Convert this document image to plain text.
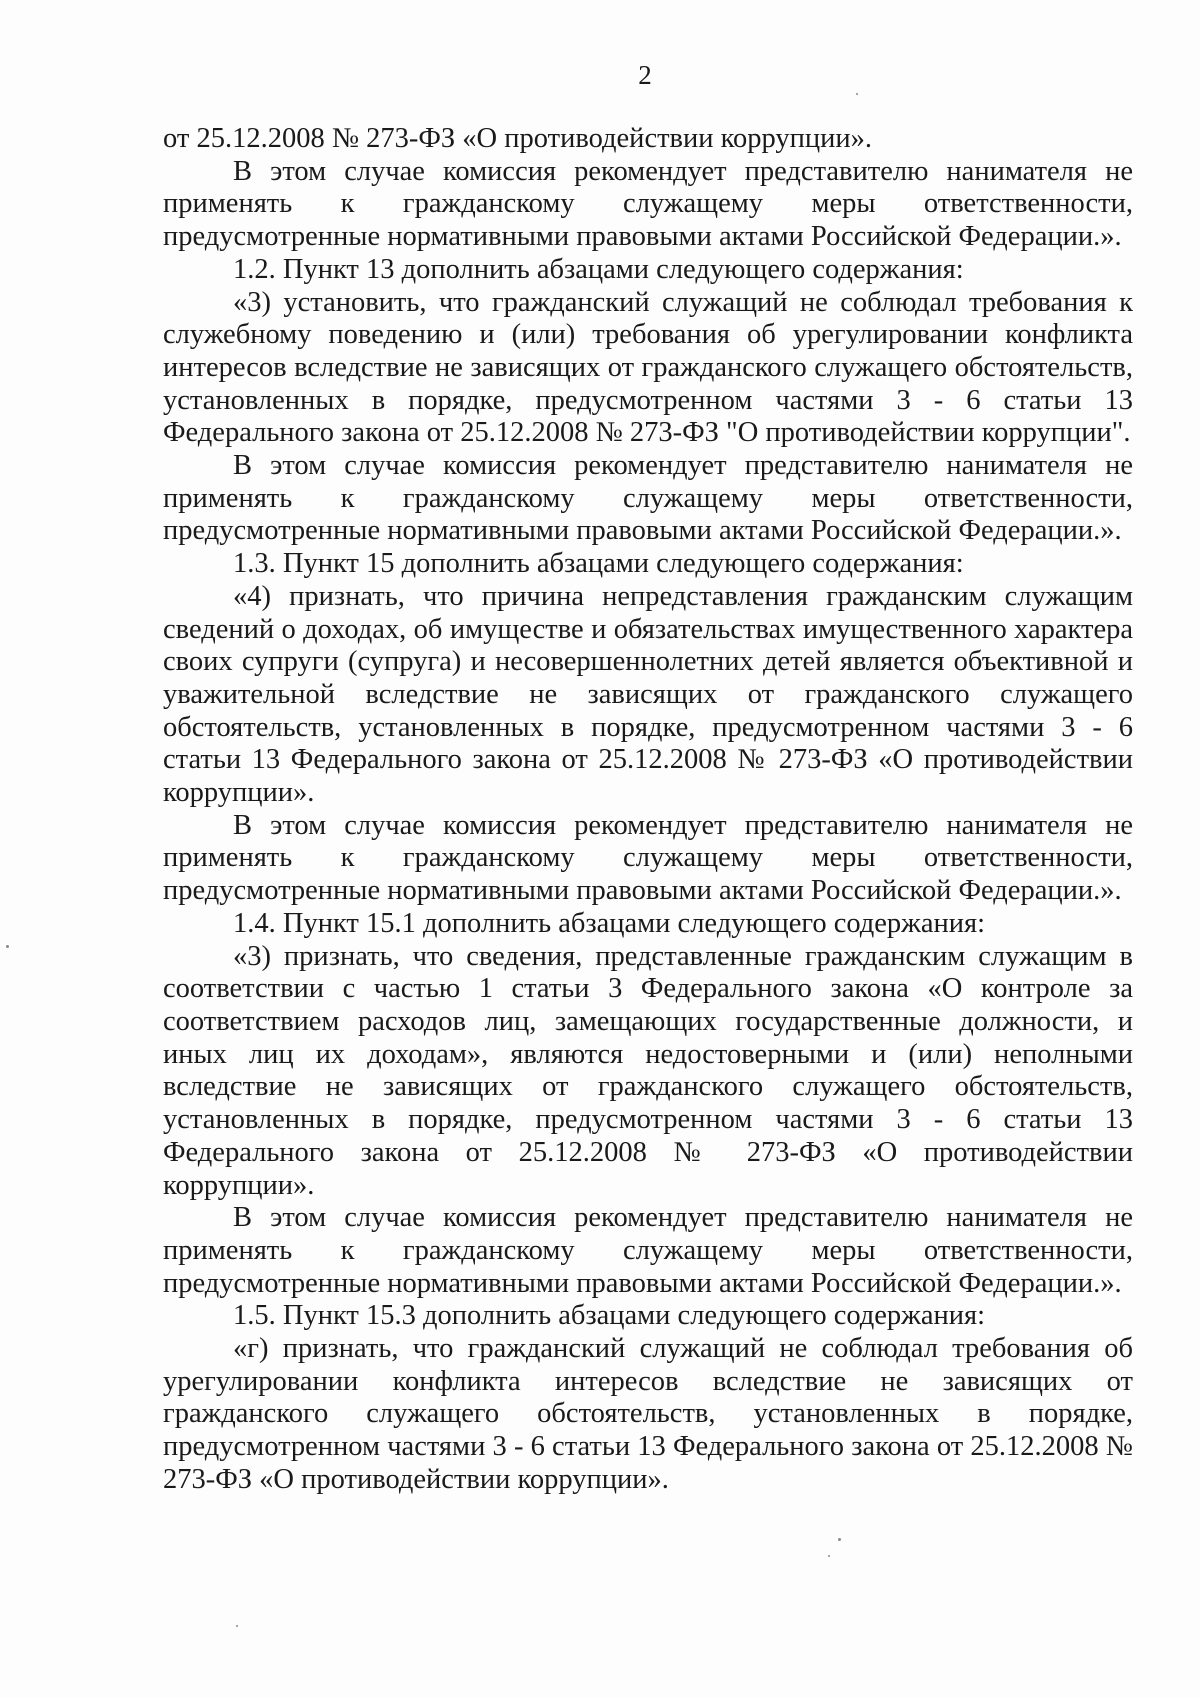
2

от 25.12.2008 № 273-ФЗ «О противодействии коррупции».

В этом случае комиссия рекомендует представителю нанимателя не применять к гражданскому служащему меры ответственности, предусмотренные нормативными правовыми актами Российской Федерации.».

1.2. Пункт 13 дополнить абзацами следующего содержания:

«3) установить, что гражданский служащий не соблюдал требования к служебному поведению и (или) требования об урегулировании конфликта интересов вследствие не зависящих от гражданского служащего обстоятельств, установленных в порядке, предусмотренном частями 3 - 6 статьи 13 Федерального закона от 25.12.2008 № 273-ФЗ "О противодействии коррупции".

В этом случае комиссия рекомендует представителю нанимателя не применять к гражданскому служащему меры ответственности, предусмотренные нормативными правовыми актами Российской Федерации.».

1.3. Пункт 15 дополнить абзацами следующего содержания:

«4) признать, что причина непредставления гражданским служащим сведений о доходах, об имуществе и обязательствах имущественного характера своих супруги (супруга) и несовершеннолетних детей является объективной и уважительной вследствие не зависящих от гражданского служащего обстоятельств, установленных в порядке, предусмотренном частями 3 - 6 статьи 13 Федерального закона от 25.12.2008 № 273-ФЗ «О противодействии коррупции».

В этом случае комиссия рекомендует представителю нанимателя не применять к гражданскому служащему меры ответственности, предусмотренные нормативными правовыми актами Российской Федерации.».

1.4. Пункт 15.1 дополнить абзацами следующего содержания:

«3) признать, что сведения, представленные гражданским служащим в соответствии с частью 1 статьи 3 Федерального закона «О контроле за соответствием расходов лиц, замещающих государственные должности, и иных лиц их доходам», являются недостоверными и (или) неполными вследствие не зависящих от гражданского служащего обстоятельств, установленных в порядке, предусмотренном частями 3 - 6 статьи 13 Федерального закона от 25.12.2008 № 273-ФЗ «О противодействии коррупции».

В этом случае комиссия рекомендует представителю нанимателя не применять к гражданскому служащему меры ответственности, предусмотренные нормативными правовыми актами Российской Федерации.».

1.5. Пункт 15.3 дополнить абзацами следующего содержания:

«г) признать, что гражданский служащий не соблюдал требования об урегулировании конфликта интересов вследствие не зависящих от гражданского служащего обстоятельств, установленных в порядке, предусмотренном частями 3 - 6 статьи 13 Федерального закона от 25.12.2008 № 273-ФЗ «О противодействии коррупции».
